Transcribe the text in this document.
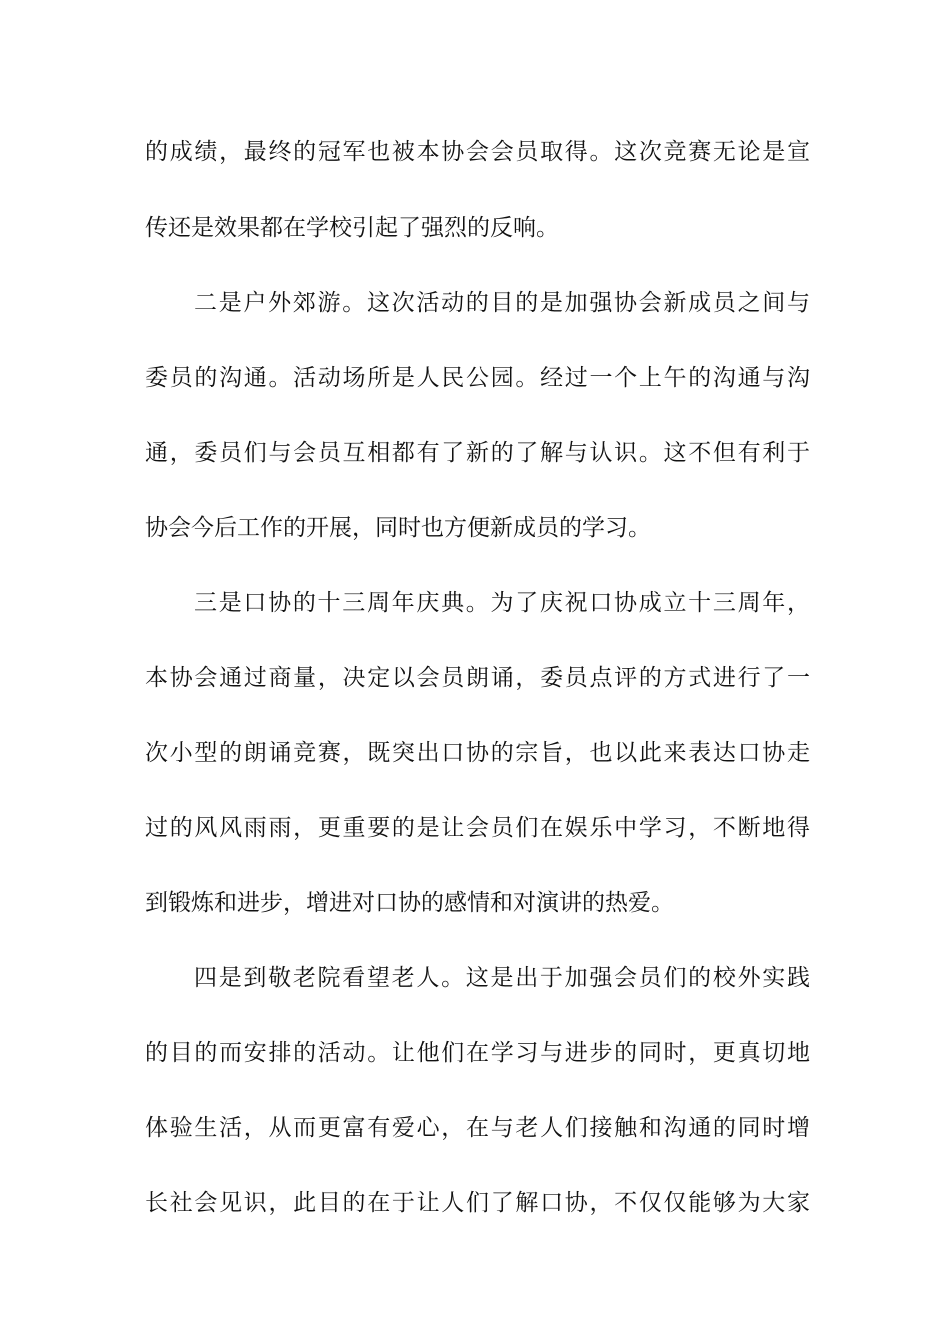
的成绩，最终的冠军也被本协会会员取得。这次竞赛无论是宣
传还是效果都在学校引起了强烈的反响。
二是户外郊游。这次活动的目的是加强协会新成员之间与
委员的沟通。活动场所是人民公园。经过一个上午的沟通与沟
通，委员们与会员互相都有了新的了解与认识。这不但有利于
协会今后工作的开展，同时也方便新成员的学习。
三是口协的十三周年庆典。为了庆祝口协成立十三周年，
本协会通过商量，决定以会员朗诵，委员点评的方式进行了一
次小型的朗诵竞赛，既突出口协的宗旨，也以此来表达口协走
过的风风雨雨，更重要的是让会员们在娱乐中学习，不断地得
到锻炼和进步，增进对口协的感情和对演讲的热爱。
四是到敬老院看望老人。这是出于加强会员们的校外实践
的目的而安排的活动。让他们在学习与进步的同时，更真切地
体验生活，从而更富有爱心，在与老人们接触和沟通的同时增
长社会见识，此目的在于让人们了解口协，不仅仅能够为大家
